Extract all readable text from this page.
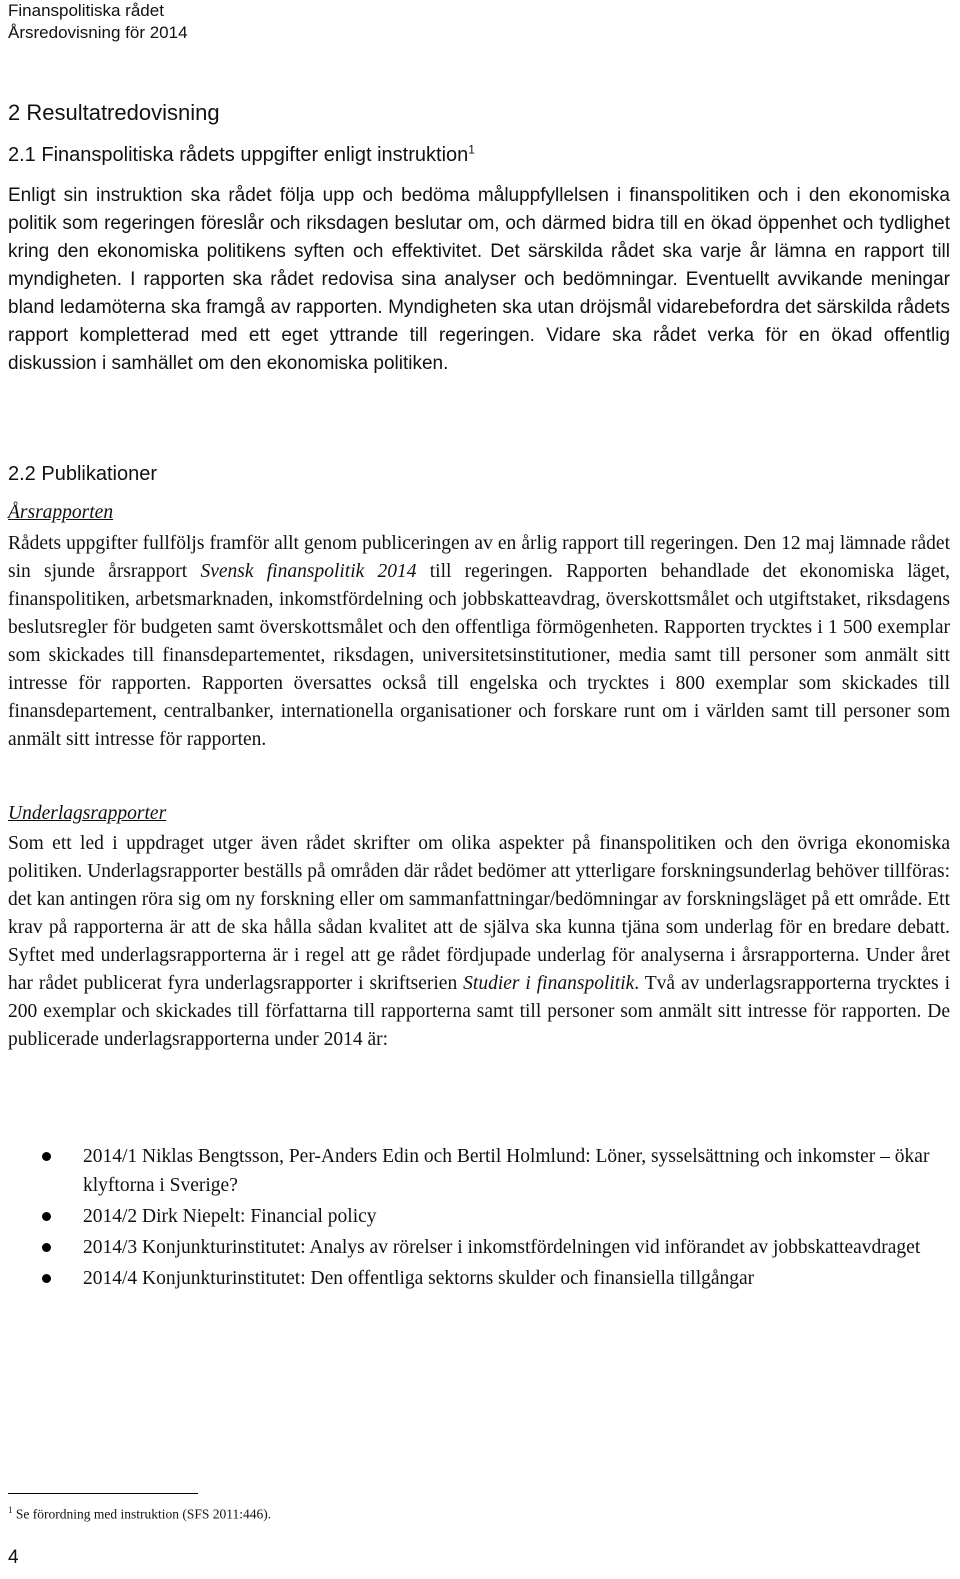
Finanspolitiska rådet
Årsredovisning för 2014
2 Resultatredovisning
2.1 Finanspolitiska rådets uppgifter enligt instruktion$^1$

Enligt sin instruktion ska rådet följa upp och bedöma måluppfyllelsen i finanspolitiken och i den ekonomiska politik som regeringen föreslår och riksdagen beslutar om, och därmed bidra till en ökad öppenhet och tydlighet kring den ekonomiska politikens syften och effektivitet. Det särskilda rådet ska varje år lämna en rapport till myndigheten. I rapporten ska rådet redovisa sina analyser och bedömningar. Eventuellt avvikande meningar bland ledamöterna ska framgå av rapporten. Myndigheten ska utan dröjsmål vidarebefordra det särskilda rådets rapport kompletterad med ett eget yttrande till regeringen. Vidare ska rådet verka för en ökad offentlig diskussion i samhället om den ekonomiska politiken.

2.2 Publikationer
Årsrapporten

Rådets uppgifter fullföljs framför allt genom publiceringen av en årlig rapport till regeringen. Den 12 maj lämnade rådet sin sjunde årsrapport Svensk finanspolitik 2014 till regeringen. Rapporten behandlade det ekonomiska läget, finanspolitiken, arbetsmarknaden, inkomstfördelning och jobbskatteavdrag, överskottsmålet och utgiftstaket, riksdagens beslutsregler för budgeten samt överskottsmålet och den offentliga förmögenheten. Rapporten trycktes i 1 500 exemplar som skickades till finansdepartementet, riksdagen, universitetsinstitutioner, media samt till personer som anmält sitt intresse för rapporten. Rapporten översattes också till engelska och trycktes i 800 exemplar som skickades till finansdepartement, centralbanker, internationella organisationer och forskare runt om i världen samt till personer som anmält sitt intresse för rapporten.

Underlagsrapporter

Som ett led i uppdraget utger även rådet skrifter om olika aspekter på finanspolitiken och den övriga ekonomiska politiken. Underlagsrapporter beställs på områden där rådet bedömer att ytterligare forskningsunderlag behöver tillföras: det kan antingen röra sig om ny forskning eller om sammanfattningar/bedömningar av forskningsläget på ett område. Ett krav på rapporterna är att de ska hålla sådan kvalitet att de själva ska kunna tjäna som underlag för en bredare debatt. Syftet med underlagsrapporterna är i regel att ge rådet fördjupade underlag för analyserna i årsrapporterna. Under året har rådet publicerat fyra underlagsrapporter i skriftserien Studier i finanspolitik. Två av underlagsrapporterna trycktes i 200 exemplar och skickades till författarna till rapporterna samt till personer som anmält sitt intresse för rapporten. De publicerade underlagsrapporterna under 2014 är:

2014/1 Niklas Bengtsson, Per-Anders Edin och Bertil Holmlund: Löner, sysselsättning och inkomster – ökar klyftorna i Sverige?
2014/2 Dirk Niepelt: Financial policy
2014/3 Konjunkturinstitutet: Analys av rörelser i inkomstfördelningen vid införandet av jobbskatteavdraget
2014/4 Konjunkturinstitutet: Den offentliga sektorns skulder och finansiella tillgångar
$^1$ Se förordning med instruktion (SFS 2011:446).
4
